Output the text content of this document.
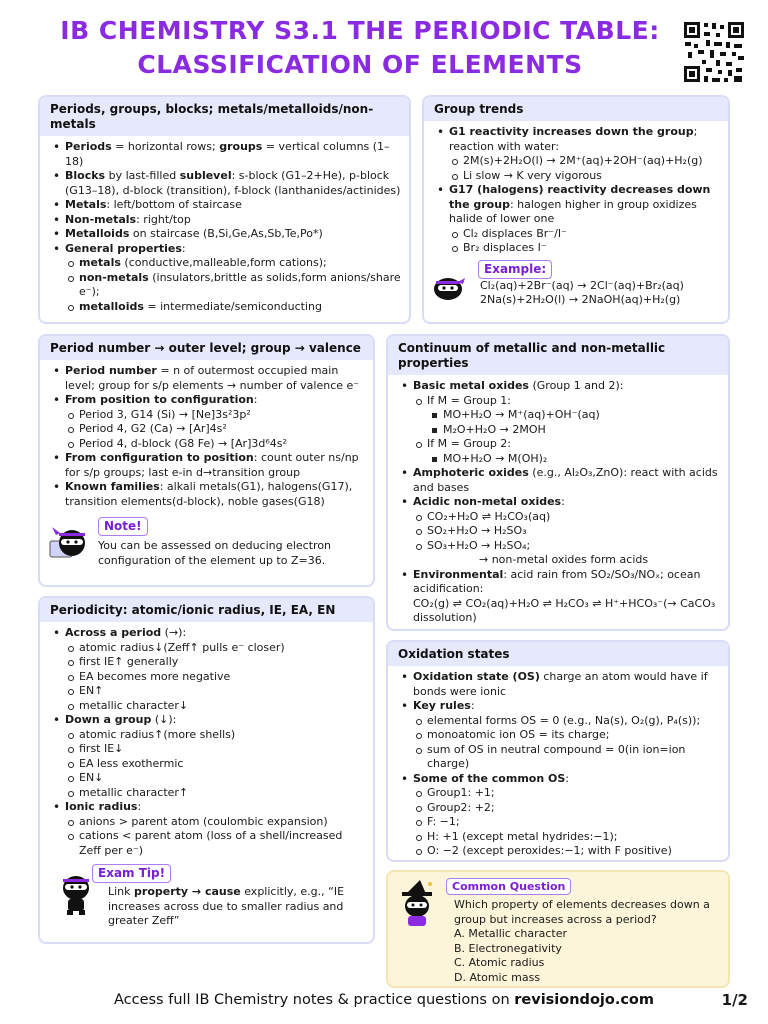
IB CHEMISTRY S3.1 THE PERIODIC TABLE:
CLASSIFICATION OF ELEMENTS
Periods, groups, blocks; metals/metalloids/non-metals
• Periods = horizontal rows; groups = vertical columns (1–18)
• Blocks by last-filled sublevel: s-block (G1–2+He), p-block (G13–18), d-block (transition), f-block (lanthanides/actinides)
• Metals: left/bottom of staircase
• Non-metals: right/top
• Metalloids on staircase (B,Si,Ge,As,Sb,Te,Po*)
• General properties:
metals (conductive,malleable,form cations);
non-metals (insulators,brittle as solids,form anions/share e⁻);
metalloids = intermediate/semiconducting
Group trends
• G1 reactivity increases down the group; reaction with water:
2M(s)+2H₂O(l) → 2M⁺(aq)+2OH⁻(aq)+H₂(g)
Li slow → K very vigorous
• G17 (halogens) reactivity decreases down the group: halogen higher in group oxidizes halide of lower one
Cl₂ displaces Br⁻/I⁻
Br₂ displaces I⁻
Example:
Cl₂(aq)+2Br⁻(aq) → 2Cl⁻(aq)+Br₂(aq)
2Na(s)+2H₂O(l) → 2NaOH(aq)+H₂(g)
Period number → outer level; group → valence
• Period number = n of outermost occupied main level; group for s/p elements → number of valence e⁻
• From position to configuration:
Period 3, G14 (Si) → [Ne]3s²3p²
Period 4, G2 (Ca) → [Ar]4s²
Period 4, d-block (G8 Fe) → [Ar]3d⁶4s²
• From configuration to position: count outer ns/np for s/p groups; last e-in d→transition group
• Known families: alkali metals(G1), halogens(G17), transition elements(d-block), noble gases(G18)
Note!
You can be assessed on deducing electron configuration of the element up to Z=36.
Continuum of metallic and non-metallic properties
• Basic metal oxides (Group 1 and 2):
If M = Group 1:
MO+H₂O → M⁺(aq)+OH⁻(aq)
M₂O+H₂O → 2MOH
If M = Group 2:
MO+H₂O → M(OH)₂
• Amphoteric oxides (e.g., Al₂O₃,ZnO): react with acids and bases
• Acidic non-metal oxides:
CO₂+H₂O ⇌ H₂CO₃(aq)
SO₂+H₂O → H₂SO₃
SO₃+H₂O → H₂SO₄;
→ non-metal oxides form acids
• Environmental: acid rain from SO₂/SO₃/NOₓ; ocean acidification:
CO₂(g) ⇌ CO₂(aq)+H₂O ⇌ H₂CO₃ ⇌ H⁺+HCO₃⁻(→ CaCO₃ dissolution)
Periodicity: atomic/ionic radius, IE, EA, EN
• Across a period (→):
atomic radius↓(Zeff↑ pulls e⁻ closer)
first IE↑ generally
EA becomes more negative
EN↑
metallic character↓
• Down a group (↓):
atomic radius↑(more shells)
first IE↓
EA less exothermic
EN↓
metallic character↑
• Ionic radius:
anions > parent atom (coulombic expansion)
cations < parent atom (loss of a shell/increased Zeff per e⁻)
Exam Tip!
Link property → cause explicitly, e.g., “IE increases across due to smaller radius and greater Zeff”
Oxidation states
• Oxidation state (OS) charge an atom would have if bonds were ionic
• Key rules:
elemental forms OS = 0 (e.g., Na(s), O₂(g), P₄(s));
monoatomic ion OS = its charge;
sum of OS in neutral compound = 0(in ion=ion charge)
• Some of the common OS:
Group1: +1;
Group2: +2;
F: −1;
H: +1 (except metal hydrides:−1);
O: −2 (except peroxides:−1; with F positive)
Common Question
Which property of elements decreases down a group but increases across a period?
A. Metallic character
B. Electronegativity
C. Atomic radius
D. Atomic mass
Access full IB Chemistry notes & practice questions on revisiondojo.com	1/2
